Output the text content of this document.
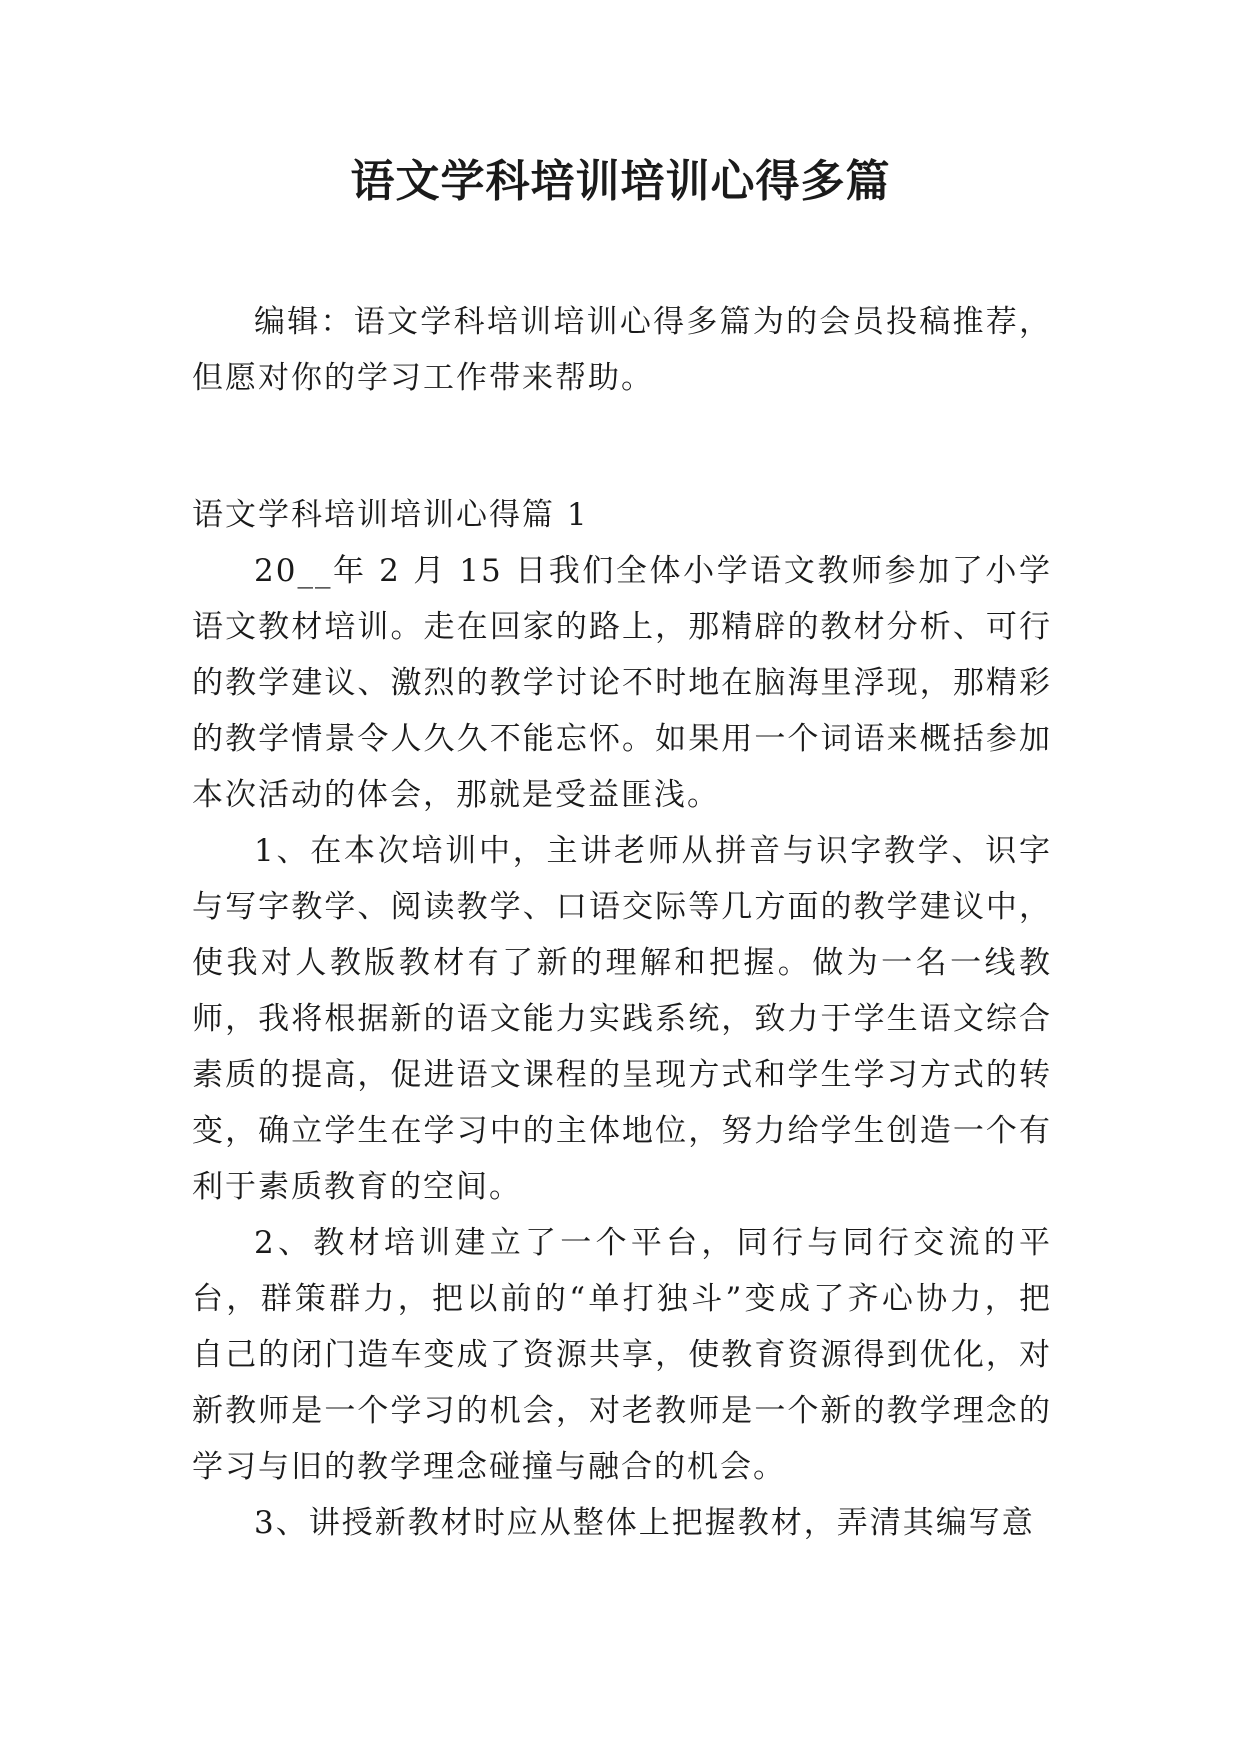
语文学科培训培训心得多篇

编辑：语文学科培训培训心得多篇为的会员投稿推荐，但愿对你的学习工作带来帮助。

语文学科培训培训心得篇 1

20__年 2 月 15 日我们全体小学语文教师参加了小学语文教材培训。走在回家的路上，那精辟的教材分析、可行的教学建议、激烈的教学讨论不时地在脑海里浮现，那精彩的教学情景令人久久不能忘怀。如果用一个词语来概括参加本次活动的体会，那就是受益匪浅。

1、在本次培训中，主讲老师从拼音与识字教学、识字与写字教学、阅读教学、口语交际等几方面的教学建议中，使我对人教版教材有了新的理解和把握。做为一名一线教师，我将根据新的语文能力实践系统，致力于学生语文综合素质的提高，促进语文课程的呈现方式和学生学习方式的转变，确立学生在学习中的主体地位，努力给学生创造一个有利于素质教育的空间。

2、教材培训建立了一个平台，同行与同行交流的平台，群策群力，把以前的“单打独斗”变成了齐心协力，把自己的闭门造车变成了资源共享，使教育资源得到优化，对新教师是一个学习的机会，对老教师是一个新的教学理念的学习与旧的教学理念碰撞与融合的机会。

3、讲授新教材时应从整体上把握教材，弄清其编写意
